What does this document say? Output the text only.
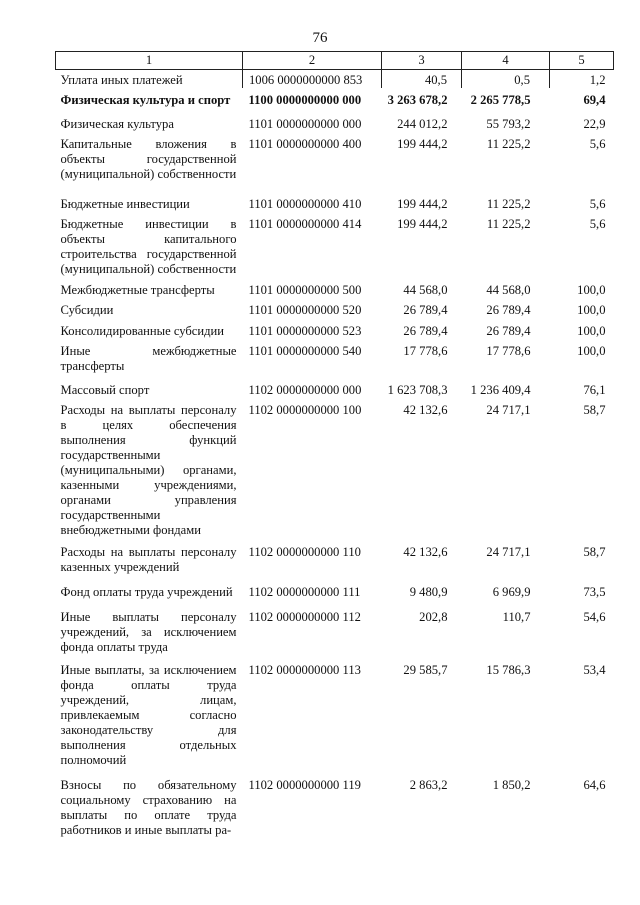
76
1	2	3	4	5
Уплата иных платежей	1006 0000000000 853	40,5	0,5	1,2
Физическая культура и спорт	1100 0000000000 000	3 263 678,2	2 265 778,5	69,4
Физическая культура	1101 0000000000 000	244 012,2	55 793,2	22,9
Капитальные вложения в объекты государственной (муниципальной) собственности	1101 0000000000 400	199 444,2	11 225,2	5,6
Бюджетные инвестиции	1101 0000000000 410	199 444,2	11 225,2	5,6
Бюджетные инвестиции в объекты капитального строительства государственной (муниципальной) собственности	1101 0000000000 414	199 444,2	11 225,2	5,6
Межбюджетные трансферты	1101 0000000000 500	44 568,0	44 568,0	100,0
Субсидии	1101 0000000000 520	26 789,4	26 789,4	100,0
Консолидированные субсидии	1101 0000000000 523	26 789,4	26 789,4	100,0
Иные межбюджетные трансферты	1101 0000000000 540	17 778,6	17 778,6	100,0
Массовый спорт	1102 0000000000 000	1 623 708,3	1 236 409,4	76,1
Расходы на выплаты персоналу в целях обеспечения выполнения функций государственными (муниципальными) органами, казенными учреждениями, органами управления государственными внебюджетными фондами	1102 0000000000 100	42 132,6	24 717,1	58,7
Расходы на выплаты персоналу казенных учреждений	1102 0000000000 110	42 132,6	24 717,1	58,7
Фонд оплаты труда учреждений	1102 0000000000 111	9 480,9	6 969,9	73,5
Иные выплаты персоналу учреждений, за исключением фонда оплаты труда	1102 0000000000 112	202,8	110,7	54,6
Иные выплаты, за исключением фонда оплаты труда учреждений, лицам, привлекаемым согласно законодательству для выполнения отдельных полномочий	1102 0000000000 113	29 585,7	15 786,3	53,4
Взносы по обязательному социальному страхованию на выплаты по оплате труда работников и иные выплаты ра-	1102 0000000000 119	2 863,2	1 850,2	64,6
